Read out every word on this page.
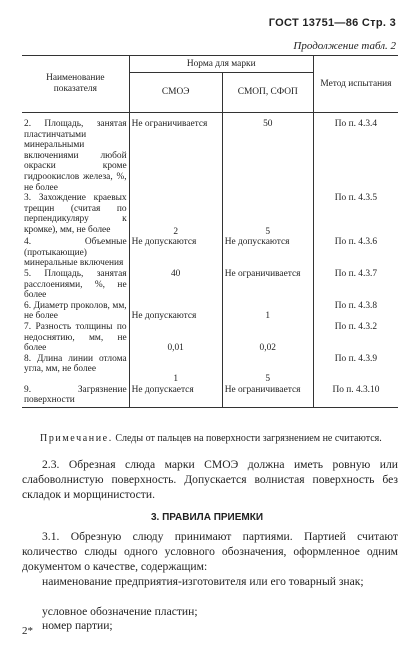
ГОСТ 13751—86 Стр. 3
Продолжение табл. 2
Наименование показателя	Норма для марки		Метод испытания
	СМОЭ	СМОП, СФОП	
2. Площадь, занятая пластинчатыми минеральными включениями любой окраски кроме гидроокислов железа, %, не более	Не ограничивается	50	По п. 4.3.4
3. Захождение краевых трещин (считая по перпендикуляру к кромке), мм, не более	2	5	По п. 4.3.5
4. Объемные (протыкающие) минеральные включения	Не допускаются	Не допускаются	По п. 4.3.6
5. Площадь, занятая расслоениями, %, не более	40	Не ограничивается	По п. 4.3.7
6. Диаметр проколов, мм, не более	Не допускаются	1	По п. 4.3.8
7. Разность толщины по недоснятию, мм, не более	0,01	0,02	По п. 4.3.2
8. Длина линии отлома угла, мм, не более	1	5	По п. 4.3.9
9. Загрязнение поверхности	Не допускается	Не ограничивается	По п. 4.3.10
Примечание. Следы от пальцев на поверхности загрязнением не считаются.
2.3. Обрезная слюда марки СМОЭ должна иметь ровную или слабоволнистую поверхность. Допускается волнистая поверхность без складок и морщинистости.
3. ПРАВИЛА ПРИЕМКИ
3.1. Обрезную слюду принимают партиями. Партией считают количество слюды одного условного обозначения, оформленное одним документом о качестве, содержащим:
наименование предприятия-изготовителя или его товарный знак;
условное обозначение пластин;
номер партии;
2*
